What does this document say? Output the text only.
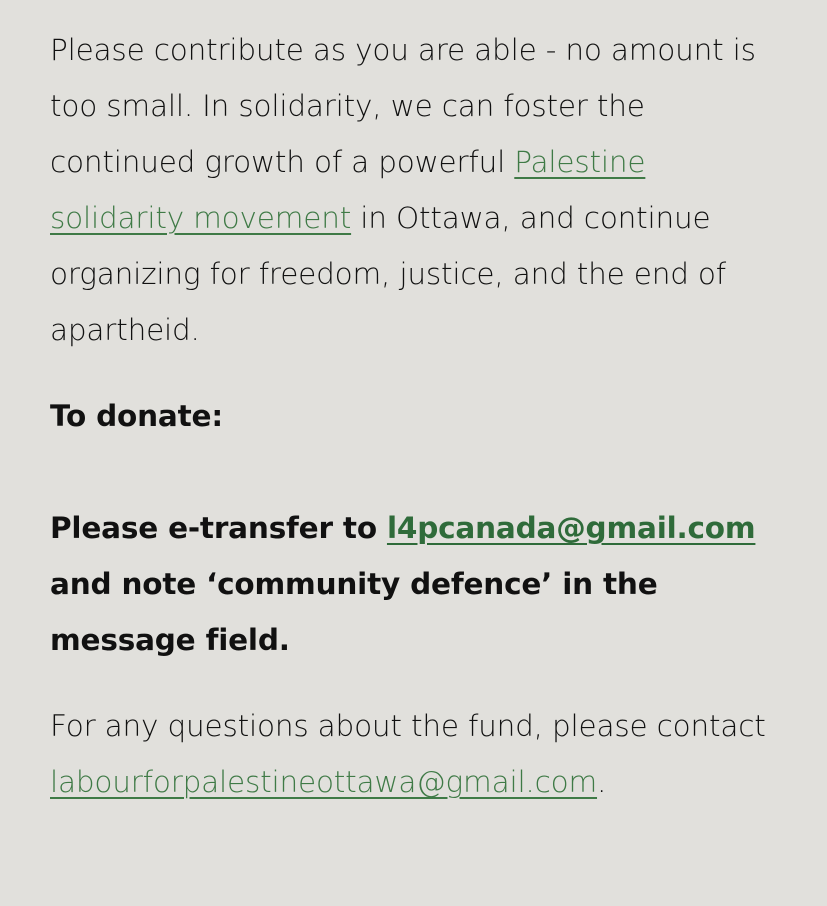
Please contribute as you are able - no amount is too small. In solidarity, we can foster the continued growth of a powerful Palestine solidarity movement in Ottawa, and continue organizing for freedom, justice, and the end of apartheid.

To donate:

Please e-transfer to l4pcanada@gmail.com and note ‘community defence’ in the message field.

For any questions about the fund, please contact labourforpalestineottawa@gmail.com.
